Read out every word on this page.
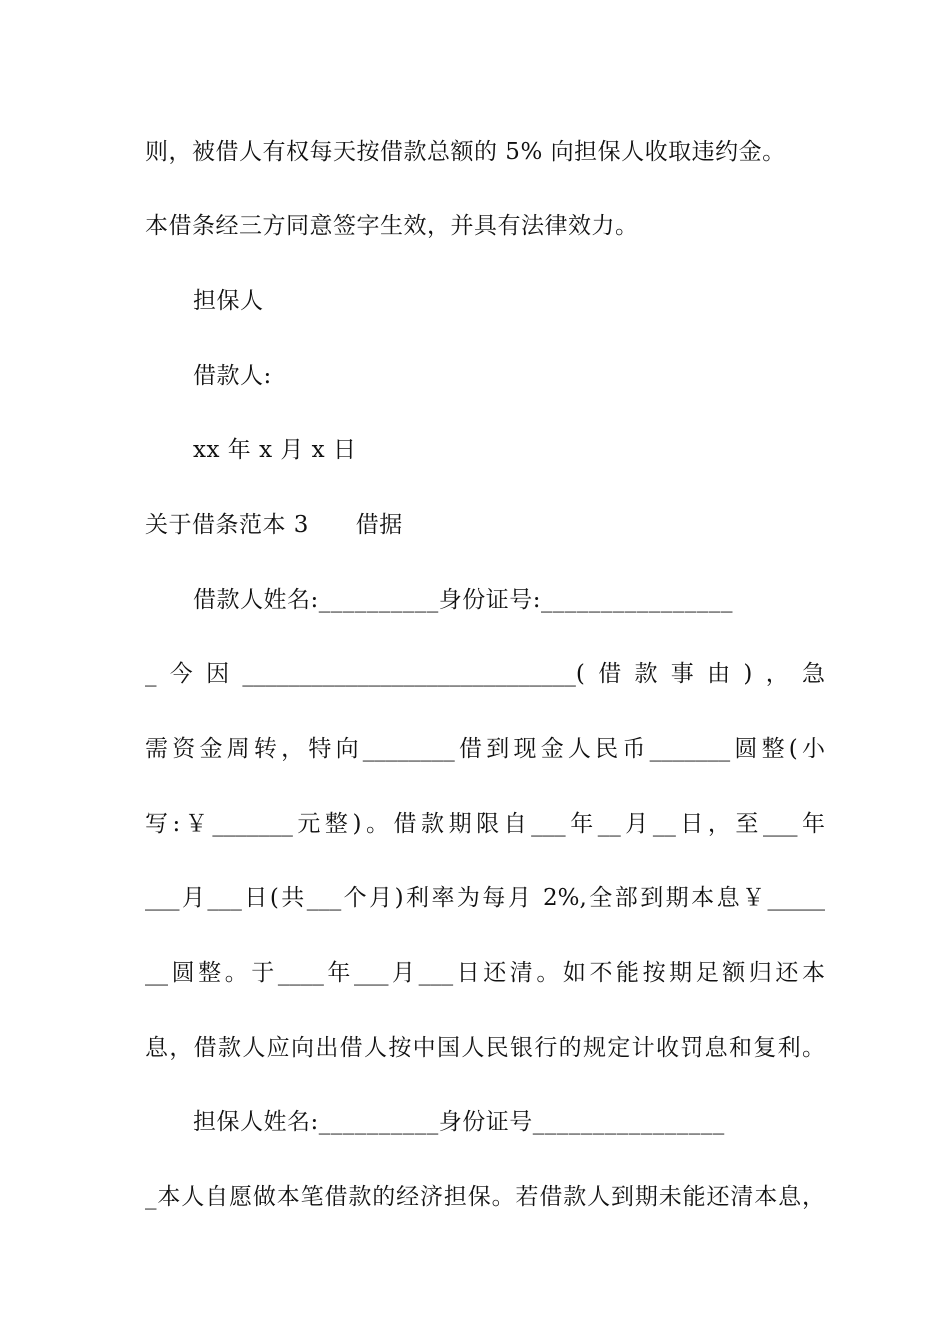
则，被借人有权每天按借款总额的 5% 向担保人收取违约金。
本借条经三方同意签字生效，并具有法律效力。
担保人
借款人:
xx 年 x 月 x 日
关于借条范本 3      借据
借款人姓名:__________身份证号:________________
_今因_____________________________(借款事由)，急
需资金周转，特向________借到现金人民币_______圆整(小
写:￥_______元整)。借款期限自___年__月__日，至___年
___月___日(共___个月)利率为每月 2%,全部到期本息￥_____
__圆整。于____年___月___日还清。如不能按期足额归还本
息，借款人应向出借人按中国人民银行的规定计收罚息和复利。
担保人姓名:__________身份证号________________
_本人自愿做本笔借款的经济担保。若借款人到期未能还清本息，
